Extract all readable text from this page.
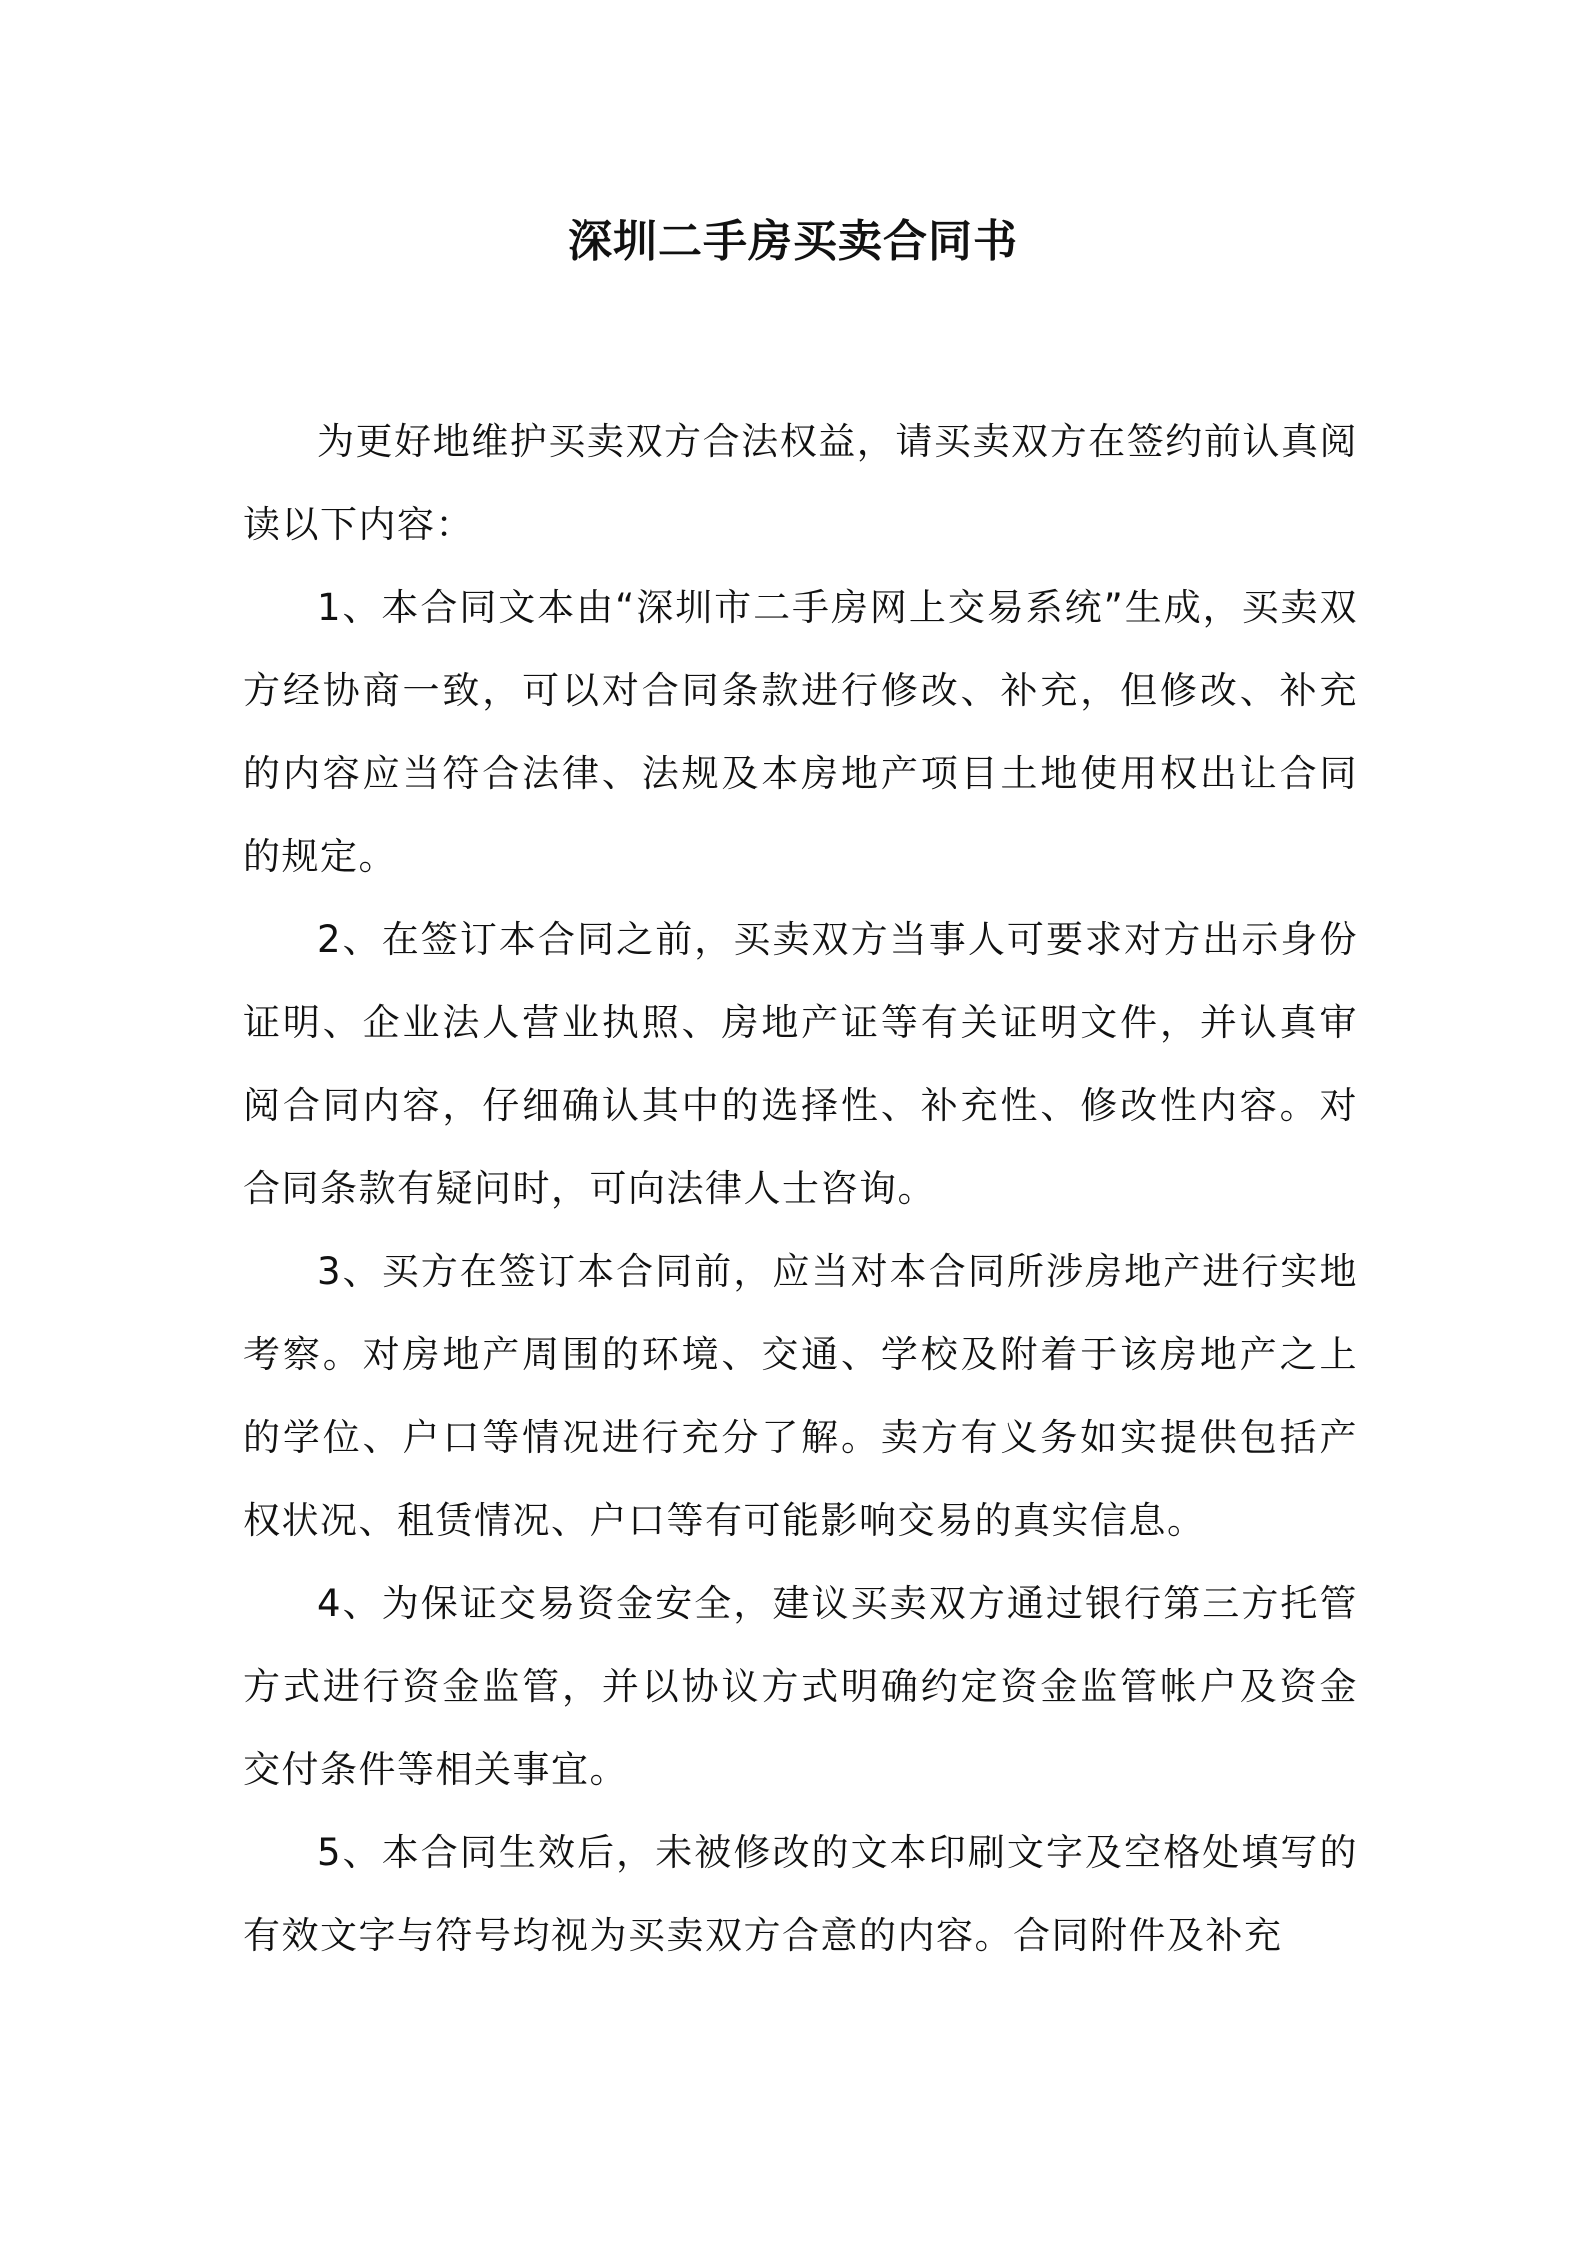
深圳二手房买卖合同书

为更好地维护买卖双方合法权益，请买卖双方在签约前认真阅读以下内容：

1、本合同文本由“深圳市二手房网上交易系统”生成，买卖双方经协商一致，可以对合同条款进行修改、补充，但修改、补充的内容应当符合法律、法规及本房地产项目土地使用权出让合同的规定。

2、在签订本合同之前，买卖双方当事人可要求对方出示身份证明、企业法人营业执照、房地产证等有关证明文件，并认真审阅合同内容，仔细确认其中的选择性、补充性、修改性内容。对合同条款有疑问时，可向法律人士咨询。

3、买方在签订本合同前，应当对本合同所涉房地产进行实地考察。对房地产周围的环境、交通、学校及附着于该房地产之上的学位、户口等情况进行充分了解。卖方有义务如实提供包括产权状况、租赁情况、户口等有可能影响交易的真实信息。

4、为保证交易资金安全，建议买卖双方通过银行第三方托管方式进行资金监管，并以协议方式明确约定资金监管帐户及资金交付条件等相关事宜。

5、本合同生效后，未被修改的文本印刷文字及空格处填写的有效文字与符号均视为买卖双方合意的内容。合同附件及补充
